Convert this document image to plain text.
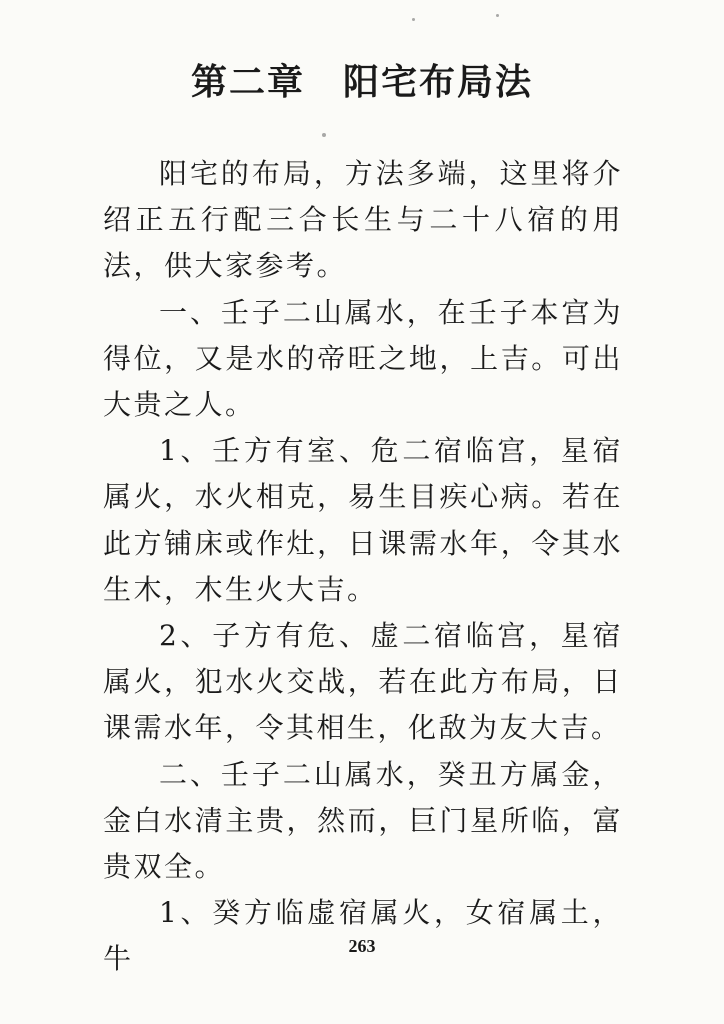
第二章　阳宅布局法

阳宅的布局，方法多端，这里将介绍正五行配三合长生与二十八宿的用法，供大家参考。

一、壬子二山属水，在壬子本宫为得位，又是水的帝旺之地，上吉。可出大贵之人。

1、壬方有室、危二宿临宫，星宿属火，水火相克，易生目疾心病。若在此方铺床或作灶，日课需水年，令其水生木，木生火大吉。

2、子方有危、虚二宿临宫，星宿属火，犯水火交战，若在此方布局，日课需水年，令其相生，化敌为友大吉。

二、壬子二山属水，癸丑方属金，金白水清主贵，然而，巨门星所临，富贵双全。

1、癸方临虚宿属火，女宿属土，牛	263
